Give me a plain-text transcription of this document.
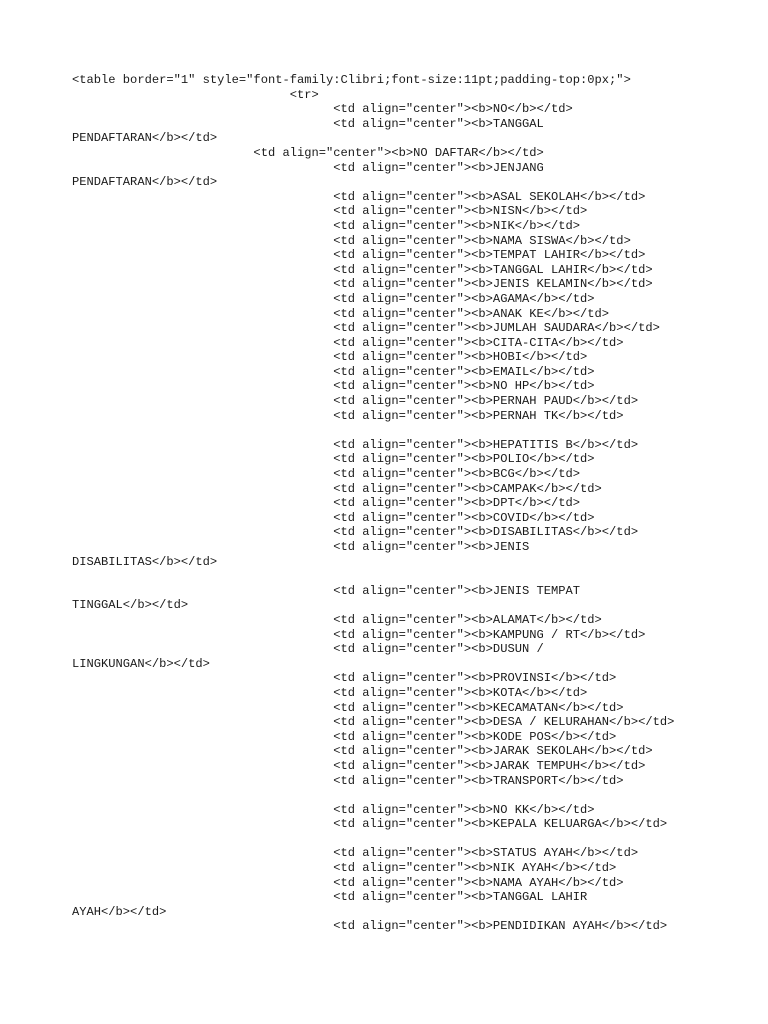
<table border="1" style="font-family:Clibri;font-size:11pt;padding-top:0px;">
<tr>
<td align="center"><b>NO</b></td>
<td align="center"><b>TANGGAL
PENDAFTARAN</b></td>
<td align="center"><b>NO DAFTAR</b></td>
<td align="center"><b>JENJANG
PENDAFTARAN</b></td>
<td align="center"><b>ASAL SEKOLAH</b></td>
<td align="center"><b>NISN</b></td>
<td align="center"><b>NIK</b></td>
<td align="center"><b>NAMA SISWA</b></td>
<td align="center"><b>TEMPAT LAHIR</b></td>
<td align="center"><b>TANGGAL LAHIR</b></td>
<td align="center"><b>JENIS KELAMIN</b></td>
<td align="center"><b>AGAMA</b></td>
<td align="center"><b>ANAK KE</b></td>
<td align="center"><b>JUMLAH SAUDARA</b></td>
<td align="center"><b>CITA-CITA</b></td>
<td align="center"><b>HOBI</b></td>
<td align="center"><b>EMAIL</b></td>
<td align="center"><b>NO HP</b></td>
<td align="center"><b>PERNAH PAUD</b></td>
<td align="center"><b>PERNAH TK</b></td>
<td align="center"><b>HEPATITIS B</b></td>
<td align="center"><b>POLIO</b></td>
<td align="center"><b>BCG</b></td>
<td align="center"><b>CAMPAK</b></td>
<td align="center"><b>DPT</b></td>
<td align="center"><b>COVID</b></td>
<td align="center"><b>DISABILITAS</b></td>
<td align="center"><b>JENIS
DISABILITAS</b></td>
<td align="center"><b>JENIS TEMPAT
TINGGAL</b></td>
<td align="center"><b>ALAMAT</b></td>
<td align="center"><b>KAMPUNG / RT</b></td>
<td align="center"><b>DUSUN /
LINGKUNGAN</b></td>
<td align="center"><b>PROVINSI</b></td>
<td align="center"><b>KOTA</b></td>
<td align="center"><b>KECAMATAN</b></td>
<td align="center"><b>DESA / KELURAHAN</b></td>
<td align="center"><b>KODE POS</b></td>
<td align="center"><b>JARAK SEKOLAH</b></td>
<td align="center"><b>JARAK TEMPUH</b></td>
<td align="center"><b>TRANSPORT</b></td>
<td align="center"><b>NO KK</b></td>
<td align="center"><b>KEPALA KELUARGA</b></td>
<td align="center"><b>STATUS AYAH</b></td>
<td align="center"><b>NIK AYAH</b></td>
<td align="center"><b>NAMA AYAH</b></td>
<td align="center"><b>TANGGAL LAHIR
AYAH</b></td>
<td align="center"><b>PENDIDIKAN AYAH</b></td>
